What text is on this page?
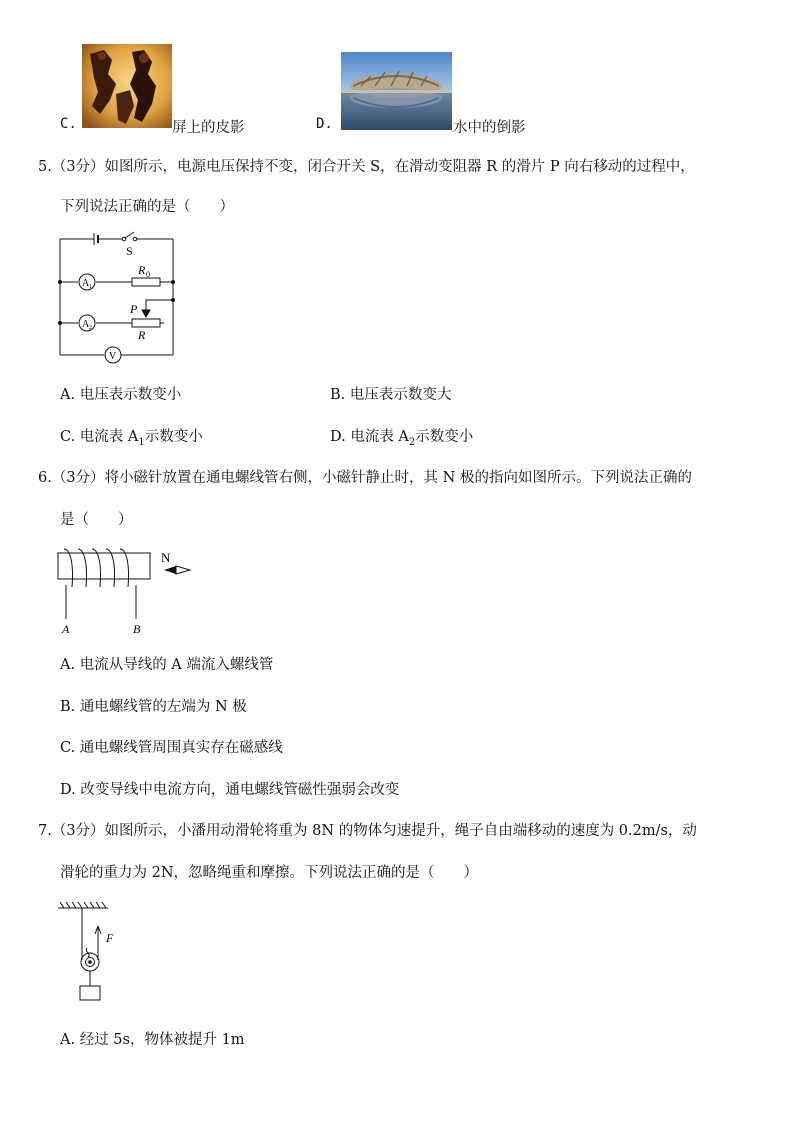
C.	屏上的皮影	D.	水中的倒影
5.（3分）如图所示，电源电压保持不变，闭合开关 S，在滑动变阻器 R 的滑片 P 向右移动的过程中，
下列说法正确的是（　　）
S
R 0
P
R
A 1
A 2
V
A. 电压表示数变小	B. 电压表示数变大
C. 电流表 $A_1$示数变小	D. 电流表 $A_2$示数变小
6.（3分）将小磁针放置在通电螺线管右侧，小磁针静止时，其 N 极的指向如图所示。下列说法正确的
是（　　）
N
A	B
A. 电流从导线的 A 端流入螺线管
B. 通电螺线管的左端为 N 极
C. 通电螺线管周围真实存在磁感线
D. 改变导线中电流方向，通电螺线管磁性强弱会改变
7.（3分）如图所示，小潘用动滑轮将重为 8N 的物体匀速提升，绳子自由端移动的速度为 0.2m/s，动
滑轮的重力为 2N，忽略绳重和摩擦。下列说法正确的是（　　）
F
A. 经过 5s，物体被提升 1m
